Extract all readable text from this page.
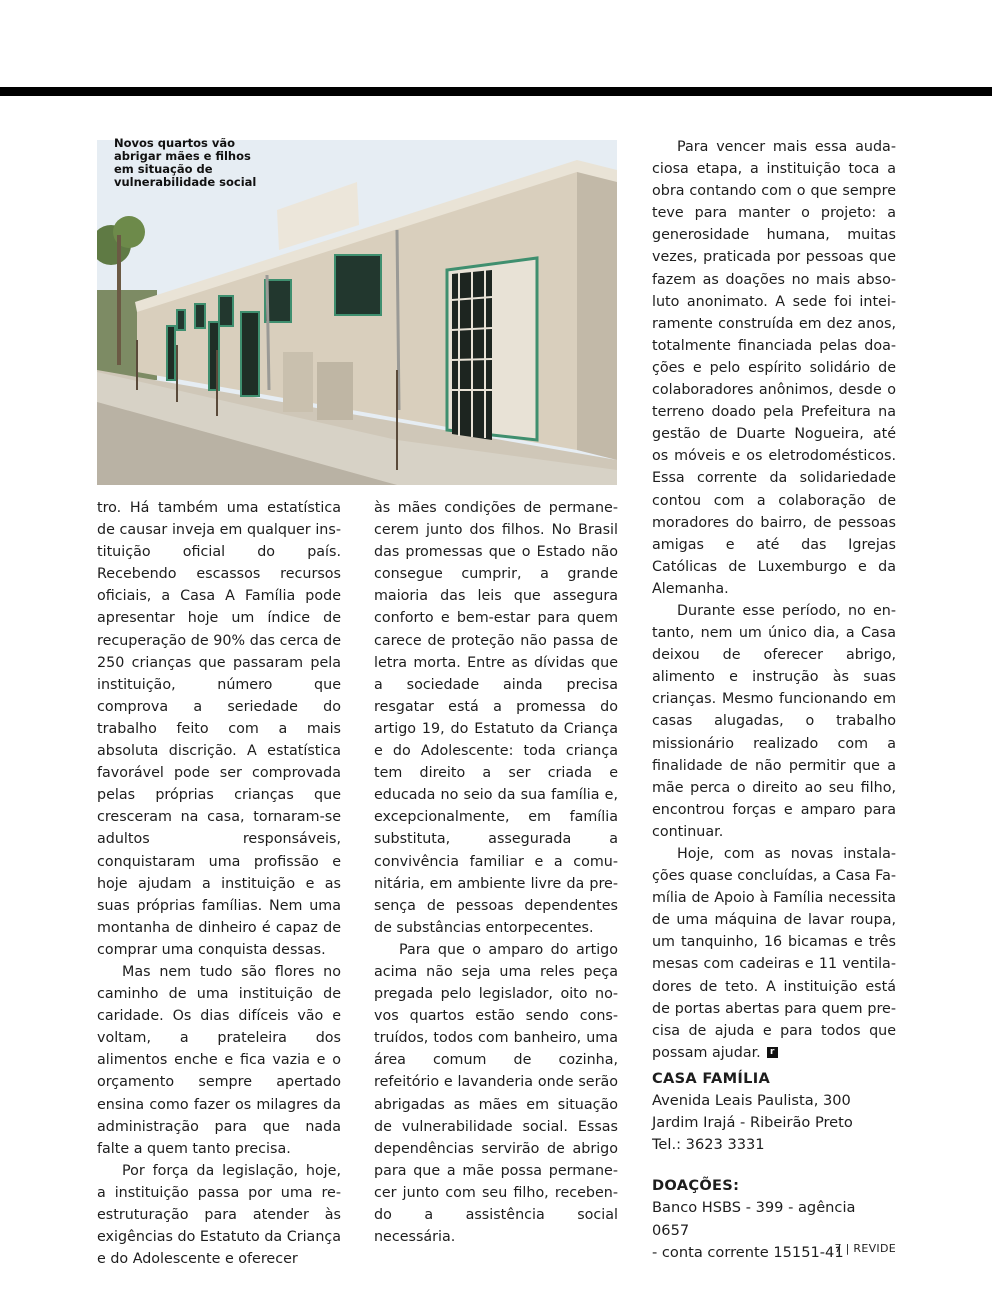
Novos quartos vão
abrigar mães e filhos
em situação de
vulnerabilidade social

tro. Há também uma estatística de causar inveja em qualquer instituição oficial do país. Recebendo escassos recursos oficiais, a Casa A Família pode apresentar hoje um índice de recuperação de 90% das cerca de 250 crianças que passaram pela instituição, número que comprova a seriedade do trabalho feito com a mais absoluta discrição. A estatística favorável pode ser comprovada pelas próprias crianças que cresceram na casa, tornaram-se adultos responsáveis, conquistaram uma profissão e hoje ajudam a instituição e as suas próprias famílias. Nem uma montanha de dinheiro é capaz de comprar uma conquista dessas.

Mas nem tudo são flores no caminho de uma instituição de caridade. Os dias difíceis vão e voltam, a prateleira dos alimentos enche e fica vazia e o orçamento sempre apertado ensina como fazer os milagres da administração para que nada falte a quem tanto precisa.

Por força da legislação, hoje, a instituição passa por uma reestruturação para atender às exigências do Estatuto da Criança e do Adolescente e oferecer

às mães condições de permanecerem junto dos filhos. No Brasil das promessas que o Estado não consegue cumprir, a grande maioria das leis que assegura conforto e bem-estar para quem carece de proteção não passa de letra morta. Entre as dívidas que a sociedade ainda precisa resgatar está a promessa do artigo 19, do Estatuto da Criança e do Adolescente: toda criança tem direito a ser criada e educada no seio da sua família e, excepcionalmente, em família substituta, assegurada a convivência familiar e a comunitária, em ambiente livre da presença de pessoas dependentes de substâncias entorpecentes.

Para que o amparo do artigo acima não seja uma reles peça pregada pelo legislador, oito novos quartos estão sendo construídos, todos com banheiro, uma área comum de cozinha, refeitório e lavanderia onde serão abrigadas as mães em situação de vulnerabilidade social. Essas dependências servirão de abrigo para que a mãe possa permanecer junto com seu filho, recebendo a assistência social necessária.

Para vencer mais essa audaciosa etapa, a instituição toca a obra contando com o que sempre teve para manter o projeto: a generosidade humana, muitas vezes, praticada por pessoas que fazem as doações no mais absoluto anonimato. A sede foi inteiramente construída em dez anos, totalmente financiada pelas doações e pelo espírito solidário de colaboradores anônimos, desde o terreno doado pela Prefeitura na gestão de Duarte Nogueira, até os móveis e os eletrodomésticos. Essa corrente da solidariedade contou com a colaboração de moradores do bairro, de pessoas amigas e até das Igrejas Católicas de Luxemburgo e da Alemanha.

Durante esse período, no entanto, nem um único dia, a Casa deixou de oferecer abrigo, alimento e instrução às suas crianças. Mesmo funcionando em casas alugadas, o trabalho missionário realizado com a finalidade de não permitir que a mãe perca o direito ao seu filho, encontrou forças e amparo para continuar.

Hoje, com as novas instalações quase concluídas, a Casa Família de Apoio à Família necessita de uma máquina de lavar roupa, um tanquinho, 16 bicamas e três mesas com cadeiras e 11 ventiladores de teto. A instituição está de portas abertas para quem precisa de ajuda e para todos que possam ajudar. r

CASA FAMÍLIA
Avenida Leais Paulista, 300
Jardim Irajá - Ribeirão Preto
Tel.: 3623 3331
DOAÇÕES:
Banco HSBS - 399 - agência 0657
- conta corrente 15151-41
7 | REVIDE
